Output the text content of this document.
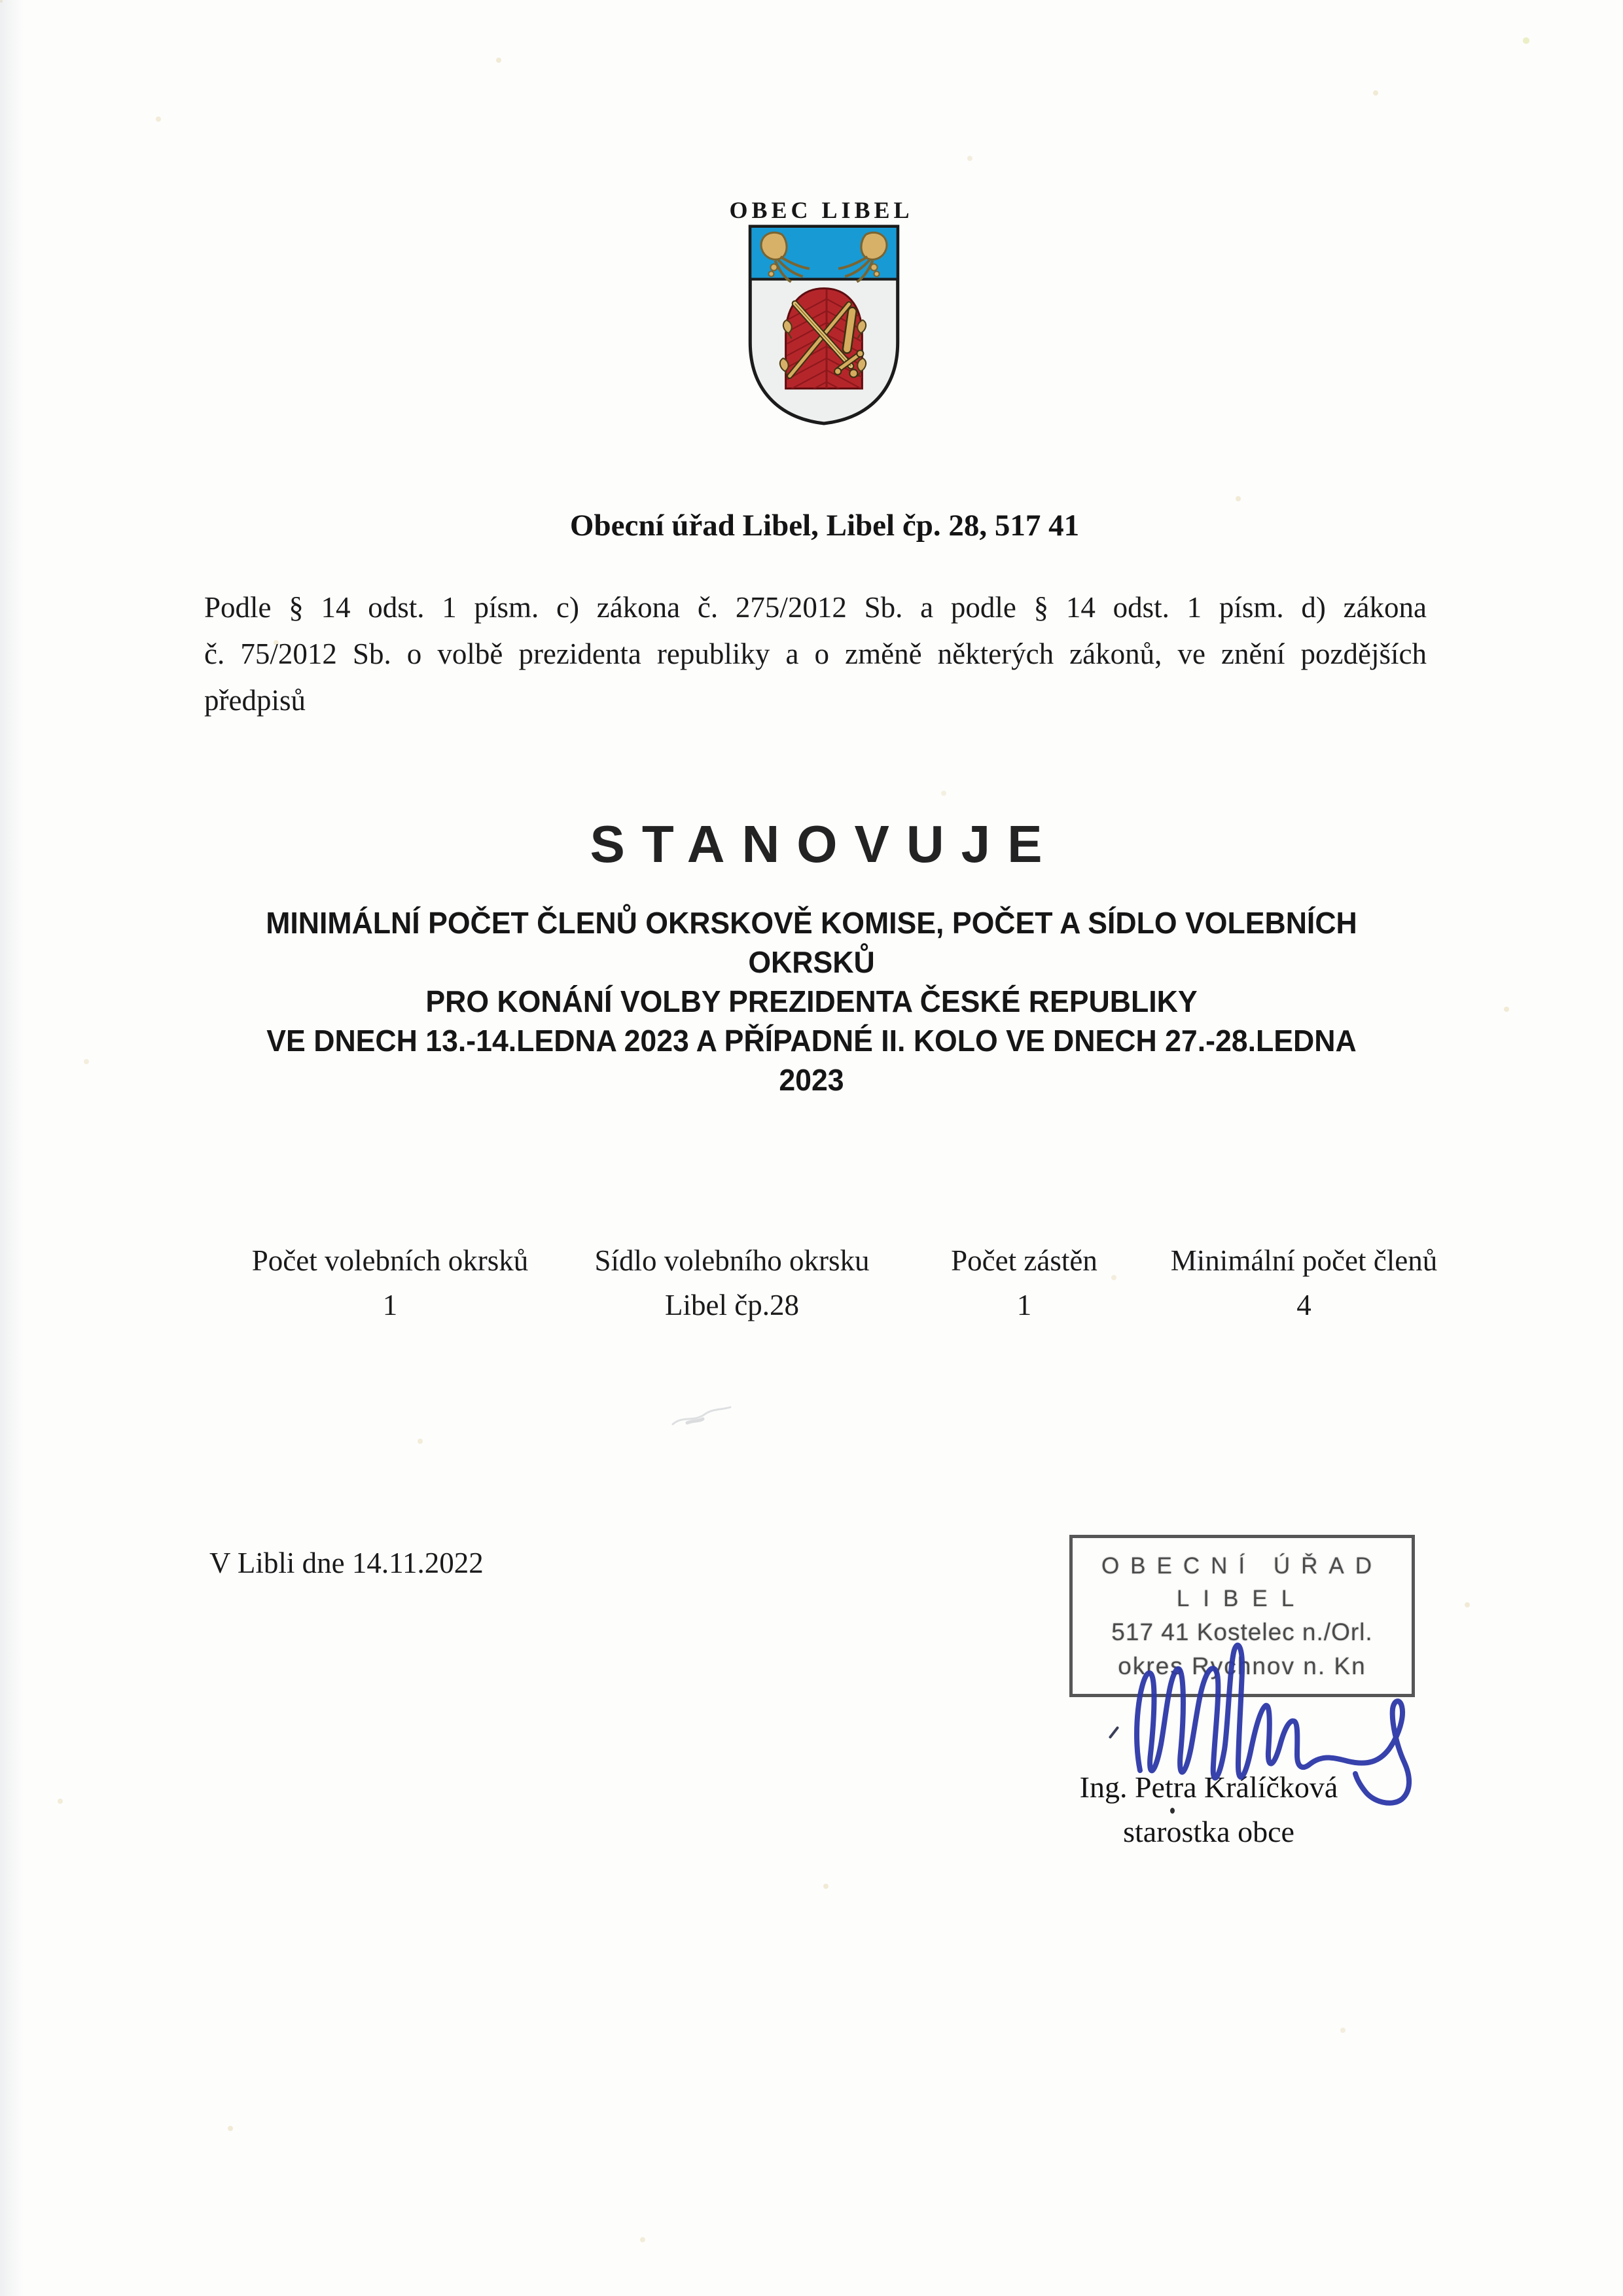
OBEC LIBEL
Obecní úřad Libel, Libel čp. 28, 517 41
Podle § 14 odst. 1 písm. c) zákona č. 275/2012 Sb. a podle § 14 odst. 1 písm. d) zákona
č. 75/2012 Sb. o volbě prezidenta republiky a o změně některých zákonů, ve znění pozdějších
předpisů
STANOVUJE
MINIMÁLNÍ POČET ČLENŮ OKRSKOVĚ KOMISE, POČET A SÍDLO VOLEBNÍCH
OKRSKŮ
PRO KONÁNÍ VOLBY PREZIDENTA ČESKÉ REPUBLIKY
VE DNECH 13.-14.LEDNA 2023 A PŘÍPADNÉ II. KOLO VE DNECH 27.-28.LEDNA
2023
Počet volebních okrsků
1
Sídlo volebního okrsku
Libel čp.28
Počet zástěn
1
Minimální počet členů
4
V Libli dne 14.11.2022	OBECNÍ ÚŘAD
LIBEL
517 41 Kostelec n./Orl.
okres Rychnov n. Kn
Ing. Petra Králíčková
starostka obce
